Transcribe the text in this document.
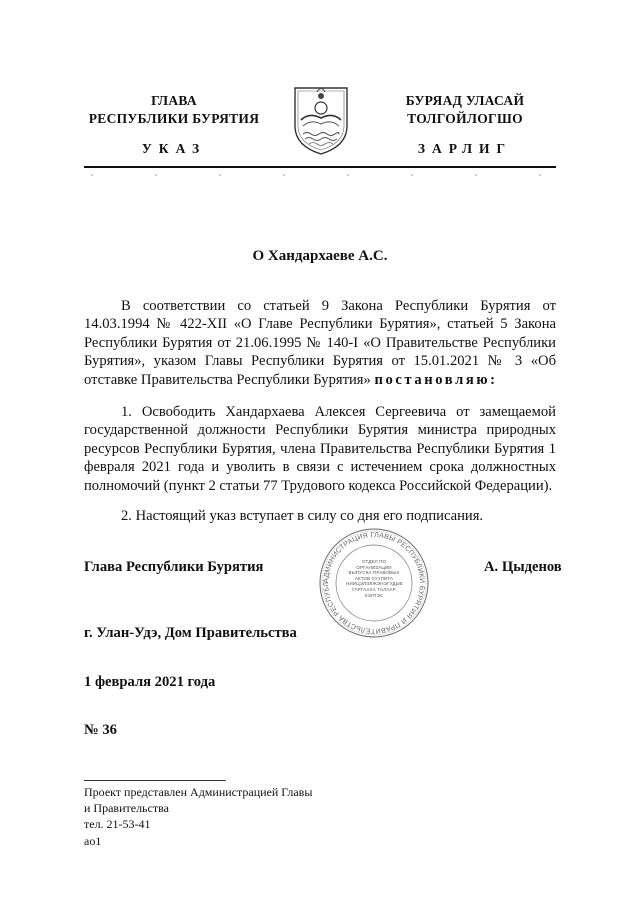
ГЛАВА
РЕСПУБЛИКИ БУРЯТИЯ
БУРЯАД УЛАСАЙ
ТОЛГОЙЛОГШО
УКАЗ	ЗАРЛИГ
О Хандархаеве А.С.
В соответствии со статьей 9 Закона Республики Бурятия от 14.03.1994 № 422-XII «О Главе Республики Бурятия», статьей 5 Закона Республики Бурятия от 21.06.1995 № 140-I «О Правительстве Республики Бурятия», указом Главы Республики Бурятия от 15.01.2021 № 3 «Об отставке Правительства Республики Бурятия» постановляю:
1. Освободить Хандархаева Алексея Сергеевича от замещаемой государственной должности Республики Бурятия министра природных ресурсов Республики Бурятия, члена Правительства Республики Бурятия 1 февраля 2021 года и уволить в связи с истечением срока должностных полномочий (пункт 2 статьи 77 Трудового кодекса Российской Федерации).
2. Настоящий указ вступает в силу со дня его подписания.
Глава Республики Бурятия	А. Цыденов
АДМИНИСТРАЦИЯ ГЛАВЫ РЕСПУБЛИКИ БУРЯТИЯ И ПРАВИТЕЛЬСТВА РЕСПУБЛ
ОТДЕЛ ПО ОРГАНИЗАЦИИ ВЫПУСКА ПРАВОВЫХ АКТОВ ХУУЛИТА НИИЦЭЛЭЛЖЭНЭГУДЫЕ ГАРГААХА ТАЛААР ХЭЛТЭС
г. Улан-Удэ, Дом Правительства
1 февраля 2021 года
№ 36
Проект представлен Администрацией Главы
и Правительства
тел. 21-53-41
ао1
